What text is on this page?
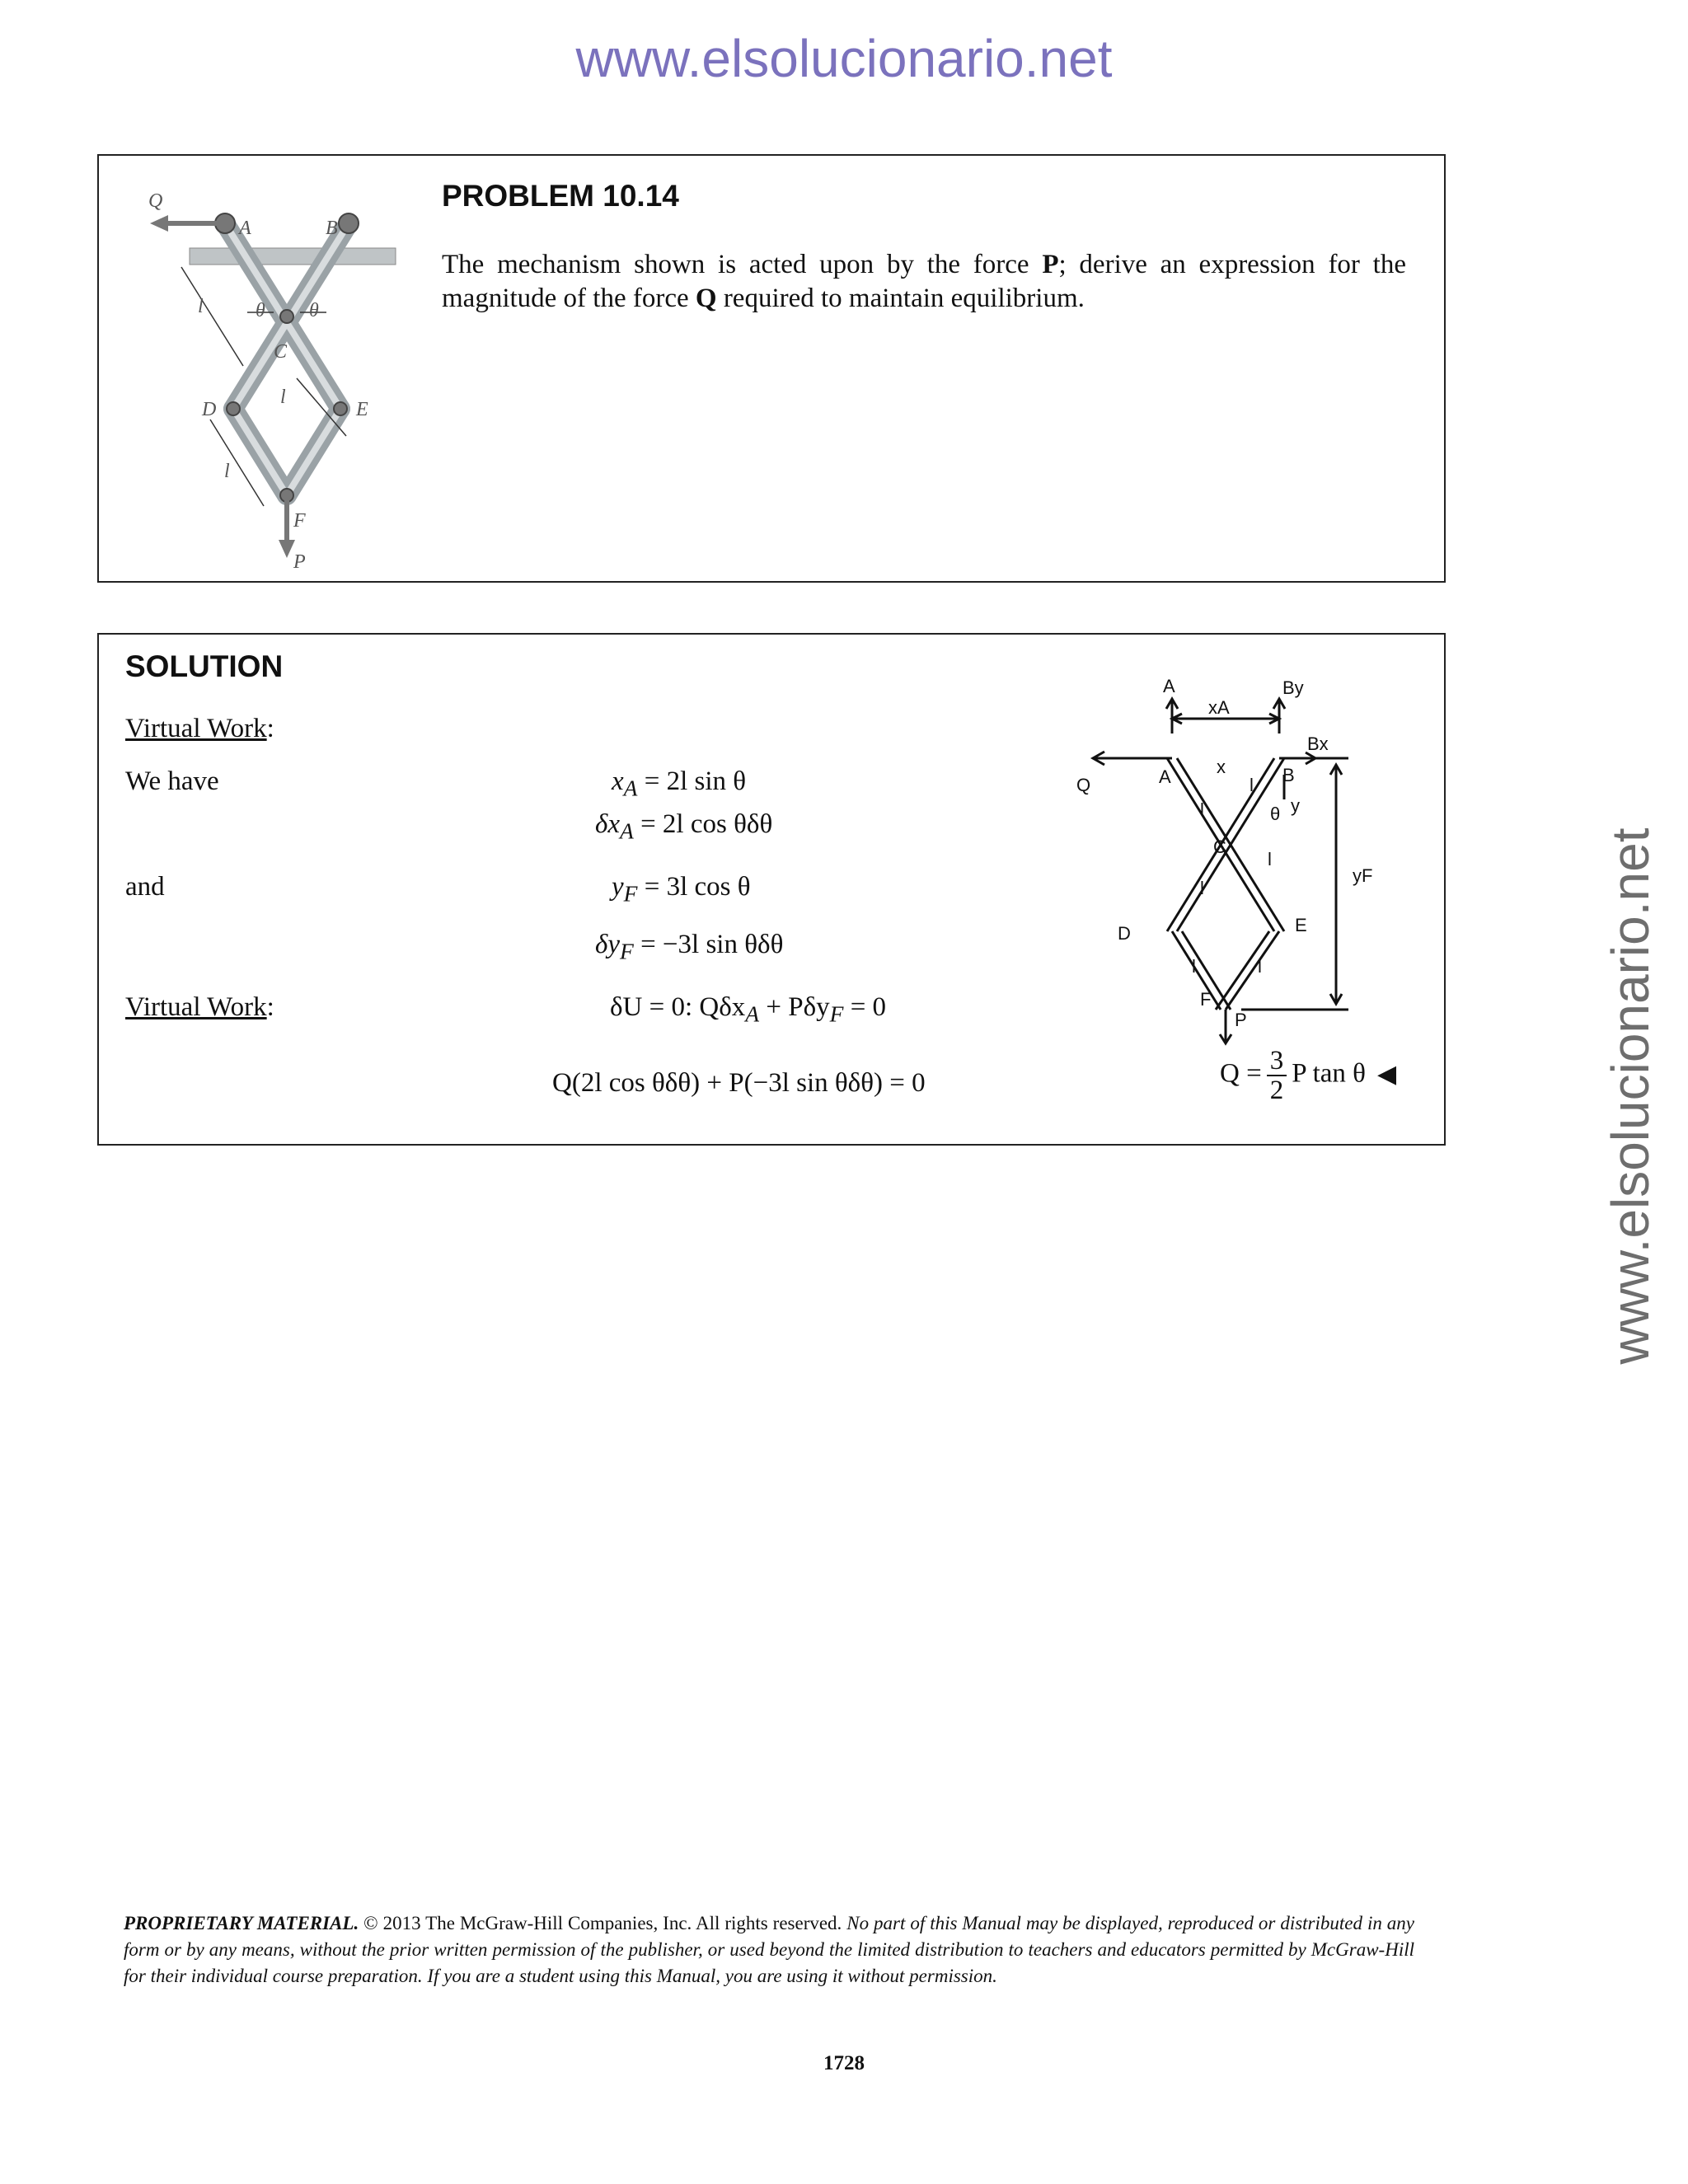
www.elsolucionario.net
www.elsolucionario.net
Q
A	B
l	θ θ
C
l
D	E
l
F
P
PROBLEM 10.14
The mechanism shown is acted upon by the force P; derive an expression for the magnitude of the force Q required to maintain equilibrium.
SOLUTION
Virtual Work:
We have
and
Virtual Work:
$x_A = 2l$ sin θ
$\delta x_A = 2l$ cos θδθ
$y_F = 3l$ cos θ
$\delta y_F = -3l$ sin θδθ
δU = 0: Qδx$_A$ + Pδy$_F$ = 0
Q(2l cos θδθ) + P(−3l sin θδθ) = 0	$Q = \frac{3}{2}$ P tan θ ◀
A
xA
By
Bx
Q	A	x	B
l
θ y
yF
C
l
l
l
D	E
l	l
F
P
PROPRIETARY MATERIAL. © 2013 The McGraw-Hill Companies, Inc. All rights reserved. No part of this Manual may be displayed, reproduced or distributed in any form or by any means, without the prior written permission of the publisher, or used beyond the limited distribution to teachers and educators permitted by McGraw-Hill for their individual course preparation. If you are a student using this Manual, you are using it without permission.
1728
